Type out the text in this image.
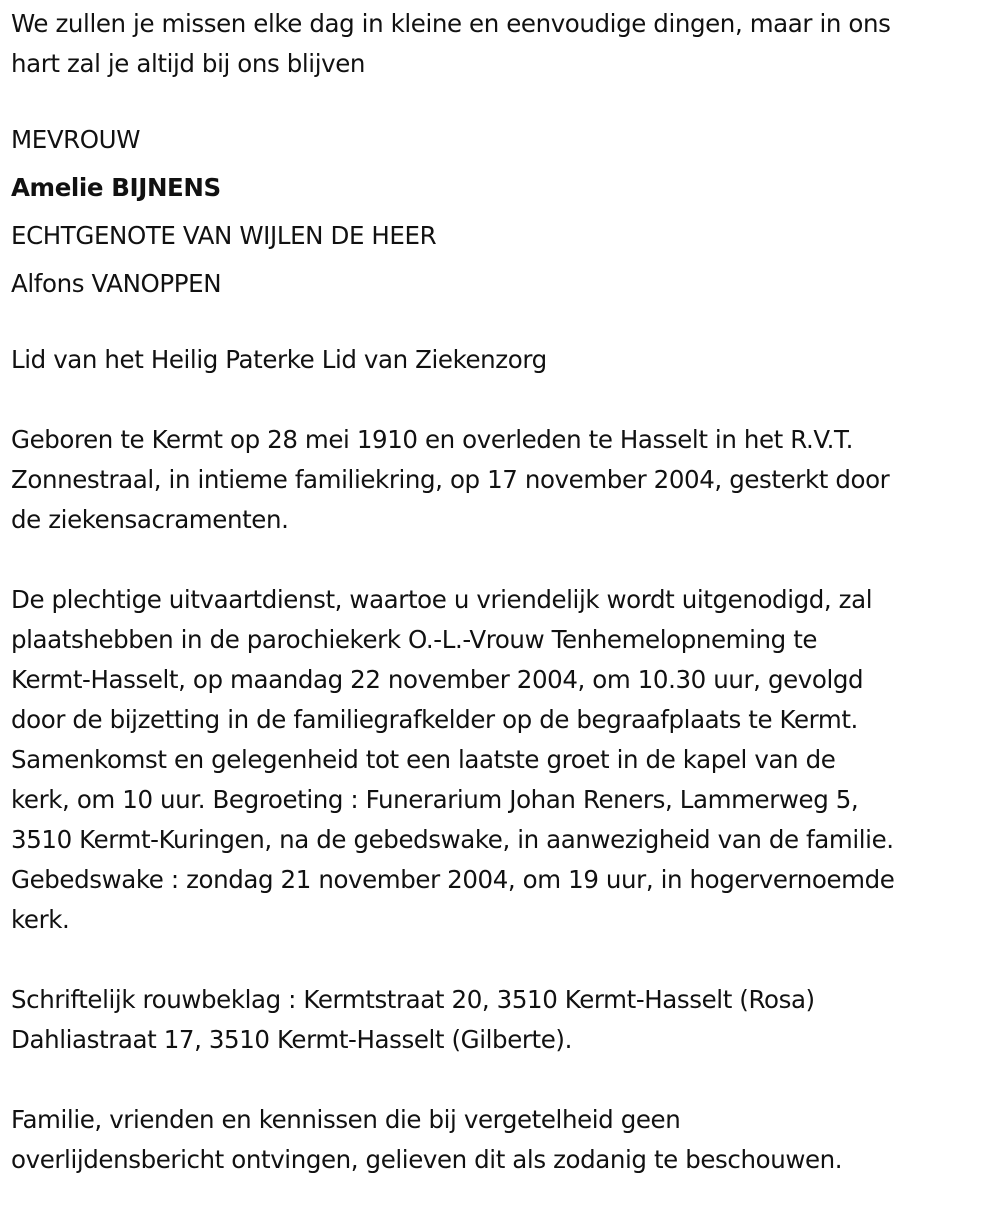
We zullen je missen elke dag in kleine en eenvoudige dingen, maar in ons
hart zal je altijd bij ons blijven

MEVROUW
Amelie BIJNENS
ECHTGENOTE VAN WIJLEN DE HEER
Alfons VANOPPEN

Lid van het Heilig Paterke Lid van Ziekenzorg

Geboren te Kermt op 28 mei 1910 en overleden te Hasselt in het R.V.T.
Zonnestraal, in intieme familiekring, op 17 november 2004, gesterkt door
de ziekensacramenten.

De plechtige uitvaartdienst, waartoe u vriendelijk wordt uitgenodigd, zal
plaatshebben in de parochiekerk O.-L.-Vrouw Tenhemelopneming te
Kermt-Hasselt, op maandag 22 november 2004, om 10.30 uur, gevolgd
door de bijzetting in de familiegrafkelder op de begraafplaats te Kermt.
Samenkomst en gelegenheid tot een laatste groet in de kapel van de
kerk, om 10 uur. Begroeting : Funerarium Johan Reners, Lammerweg 5,
3510 Kermt-Kuringen, na de gebedswake, in aanwezigheid van de familie.
Gebedswake : zondag 21 november 2004, om 19 uur, in hogervernoemde
kerk.

Schriftelijk rouwbeklag : Kermtstraat 20, 3510 Kermt-Hasselt (Rosa)
Dahliastraat 17, 3510 Kermt-Hasselt (Gilberte).

Familie, vrienden en kennissen die bij vergetelheid geen
overlijdensbericht ontvingen, gelieven dit als zodanig te beschouwen.
